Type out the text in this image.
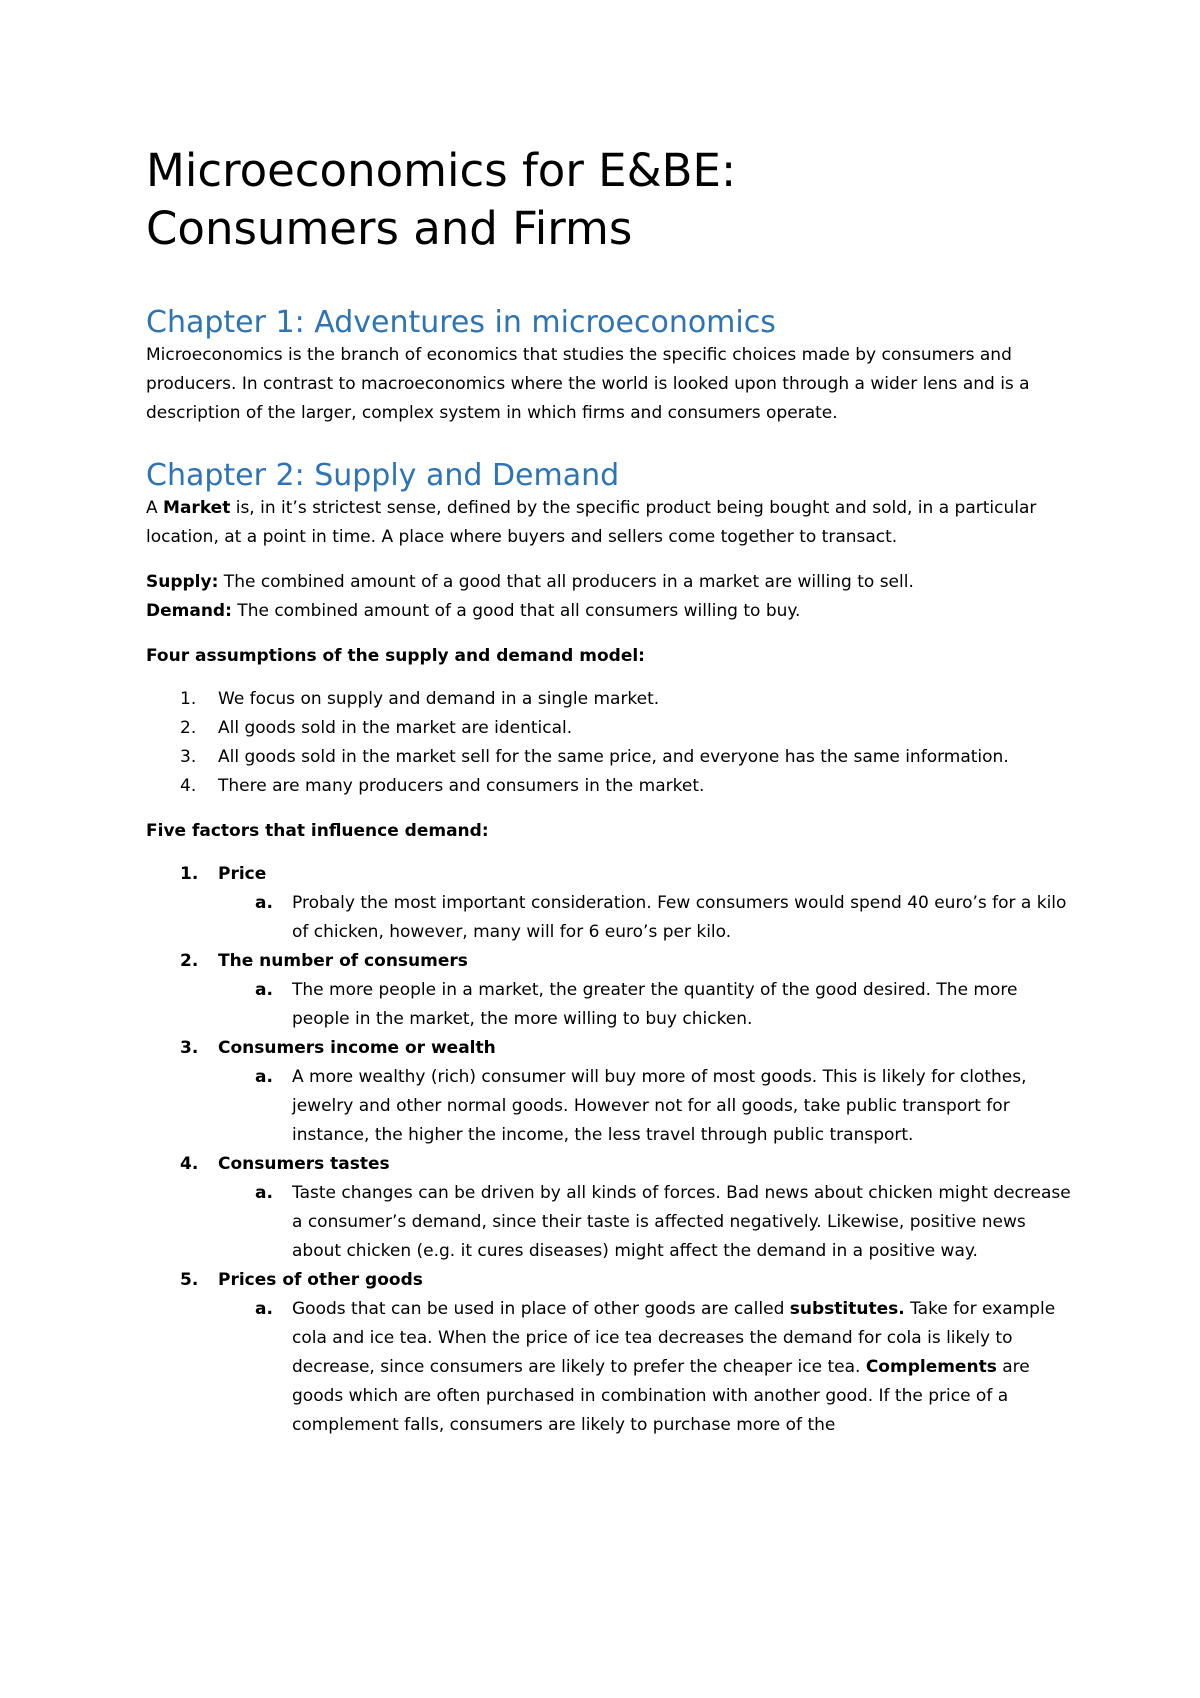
Microeconomics for E&BE:
Consumers and Firms
Chapter 1: Adventures in microeconomics

Microeconomics is the branch of economics that studies the specific choices made by consumers and producers. In contrast to macroeconomics where the world is looked upon through a wider lens and is a description of the larger, complex system in which firms and consumers operate.

Chapter 2: Supply and Demand

A Market is, in it’s strictest sense, defined by the specific product being bought and sold, in a particular location, at a point in time. A place where buyers and sellers come together to transact.

Supply: The combined amount of a good that all producers in a market are willing to sell.

Demand: The combined amount of a good that all consumers willing to buy.

Four assumptions of the supply and demand model:

1. We focus on supply and demand in a single market.
2. All goods sold in the market are identical.
3. All goods sold in the market sell for the same price, and everyone has the same information.
4. There are many producers and consumers in the market.

Five factors that influence demand:

1. Price
a. Probaly the most important consideration. Few consumers would spend 40 euro’s for a kilo of chicken, however, many will for 6 euro’s per kilo.
2. The number of consumers
a. The more people in a market, the greater the quantity of the good desired. The more people in the market, the more willing to buy chicken.
3. Consumers income or wealth
a. A more wealthy (rich) consumer will buy more of most goods. This is likely for clothes, jewelry and other normal goods. However not for all goods, take public transport for instance, the higher the income, the less travel through public transport.
4. Consumers tastes
a. Taste changes can be driven by all kinds of forces. Bad news about chicken might decrease a consumer’s demand, since their taste is affected negatively. Likewise, positive news about chicken (e.g. it cures diseases) might affect the demand in a positive way.
5. Prices of other goods
a. Goods that can be used in place of other goods are called substitutes. Take for example cola and ice tea. When the price of ice tea decreases the demand for cola is likely to decrease, since consumers are likely to prefer the cheaper ice tea. Complements are goods which are often purchased in combination with another good. If the price of a complement falls, consumers are likely to purchase more of the
